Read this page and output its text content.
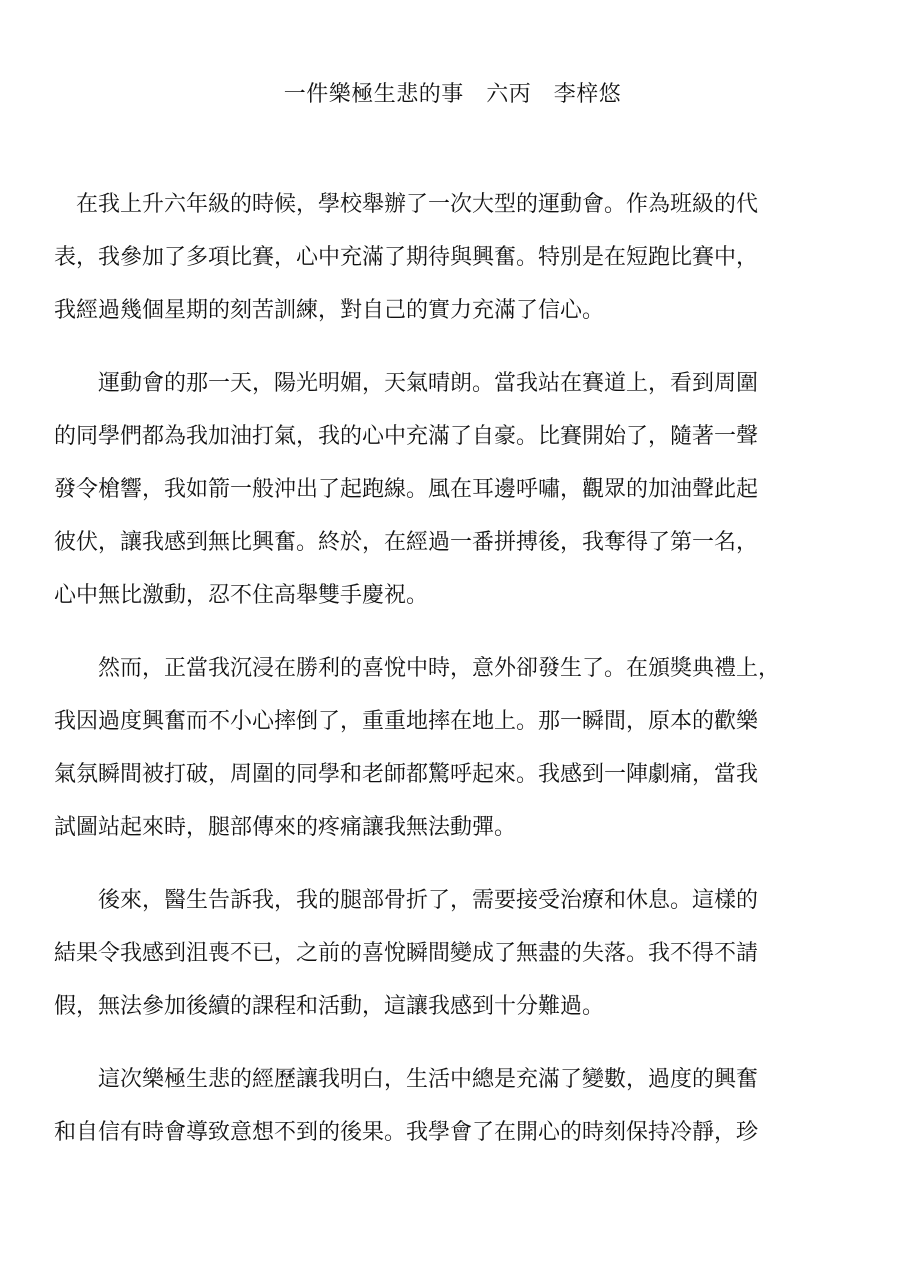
一件樂極生悲的事　六丙　李梓悠
　在我上升六年級的時候，學校舉辦了一次大型的運動會。作為班級的代
表，我參加了多項比賽，心中充滿了期待與興奮。特別是在短跑比賽中，
我經過幾個星期的刻苦訓練，對自己的實力充滿了信心。
　　運動會的那一天，陽光明媚，天氣晴朗。當我站在賽道上，看到周圍
的同學們都為我加油打氣，我的心中充滿了自豪。比賽開始了，隨著一聲
發令槍響，我如箭一般沖出了起跑線。風在耳邊呼嘯，觀眾的加油聲此起
彼伏，讓我感到無比興奮。終於，在經過一番拼搏後，我奪得了第一名，
心中無比激動，忍不住高舉雙手慶祝。
　　然而，正當我沉浸在勝利的喜悅中時，意外卻發生了。在頒獎典禮上，
我因過度興奮而不小心摔倒了，重重地摔在地上。那一瞬間，原本的歡樂
氣氛瞬間被打破，周圍的同學和老師都驚呼起來。我感到一陣劇痛，當我
試圖站起來時，腿部傳來的疼痛讓我無法動彈。
　　後來，醫生告訴我，我的腿部骨折了，需要接受治療和休息。這樣的
結果令我感到沮喪不已，之前的喜悅瞬間變成了無盡的失落。我不得不請
假，無法參加後續的課程和活動，這讓我感到十分難過。
　　這次樂極生悲的經歷讓我明白，生活中總是充滿了變數，過度的興奮
和自信有時會導致意想不到的後果。我學會了在開心的時刻保持冷靜，珍
